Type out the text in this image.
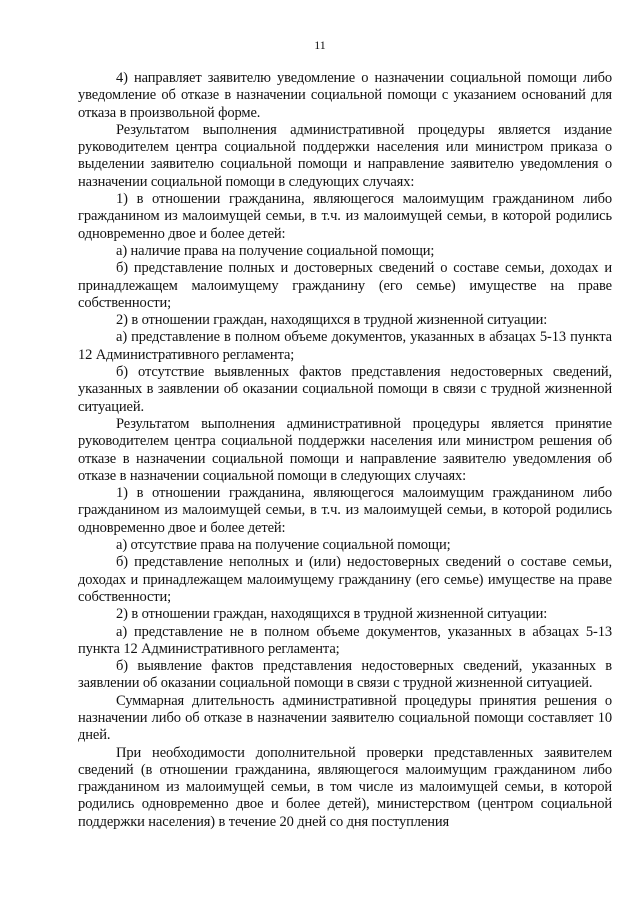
11

4) направляет заявителю уведомление о назначении социальной помощи либо уведомление об отказе в назначении социальной помощи с указанием оснований для отказа в произвольной форме.

Результатом выполнения административной процедуры является издание руководителем центра социальной поддержки населения или министром приказа о выделении заявителю социальной помощи и направление заявителю уведомления о назначении социальной помощи в следующих случаях:

1) в отношении гражданина, являющегося малоимущим гражданином либо гражданином из малоимущей семьи, в т.ч. из малоимущей семьи, в которой родились одновременно двое и более детей:

а) наличие права на получение социальной помощи;

б) представление полных и достоверных сведений о составе семьи, доходах и принадлежащем малоимущему гражданину (его семье) имуществе на праве собственности;

2) в отношении граждан, находящихся в трудной жизненной ситуации:

а) представление в полном объеме документов, указанных в абзацах 5-13 пункта 12 Административного регламента;

б) отсутствие выявленных фактов представления недостоверных сведений, указанных в заявлении об оказании социальной помощи в связи с трудной жизненной ситуацией.

Результатом выполнения административной процедуры является принятие руководителем центра социальной поддержки населения или министром решения об отказе в назначении социальной помощи и направление заявителю уведомления об отказе в назначении социальной помощи в следующих случаях:

1) в отношении гражданина, являющегося малоимущим гражданином либо гражданином из малоимущей семьи, в т.ч. из малоимущей семьи, в которой родились одновременно двое и более детей:

а) отсутствие права на получение социальной помощи;

б) представление неполных и (или) недостоверных сведений о составе семьи, доходах и принадлежащем малоимущему гражданину (его семье) имуществе на праве собственности;

2) в отношении граждан, находящихся в трудной жизненной ситуации:

а) представление не в полном объеме документов, указанных в абзацах 5-13 пункта 12 Административного регламента;

б) выявление фактов представления недостоверных сведений, указанных в заявлении об оказании социальной помощи в связи с трудной жизненной ситуацией.

Суммарная длительность административной процедуры принятия решения о назначении либо об отказе в назначении заявителю социальной помощи составляет 10 дней.

При необходимости дополнительной проверки представленных заявителем сведений (в отношении гражданина, являющегося малоимущим гражданином либо гражданином из малоимущей семьи, в том числе из малоимущей семьи, в которой родились одновременно двое и более детей), министерством (центром социальной поддержки населения) в течение 20 дней со дня поступления
